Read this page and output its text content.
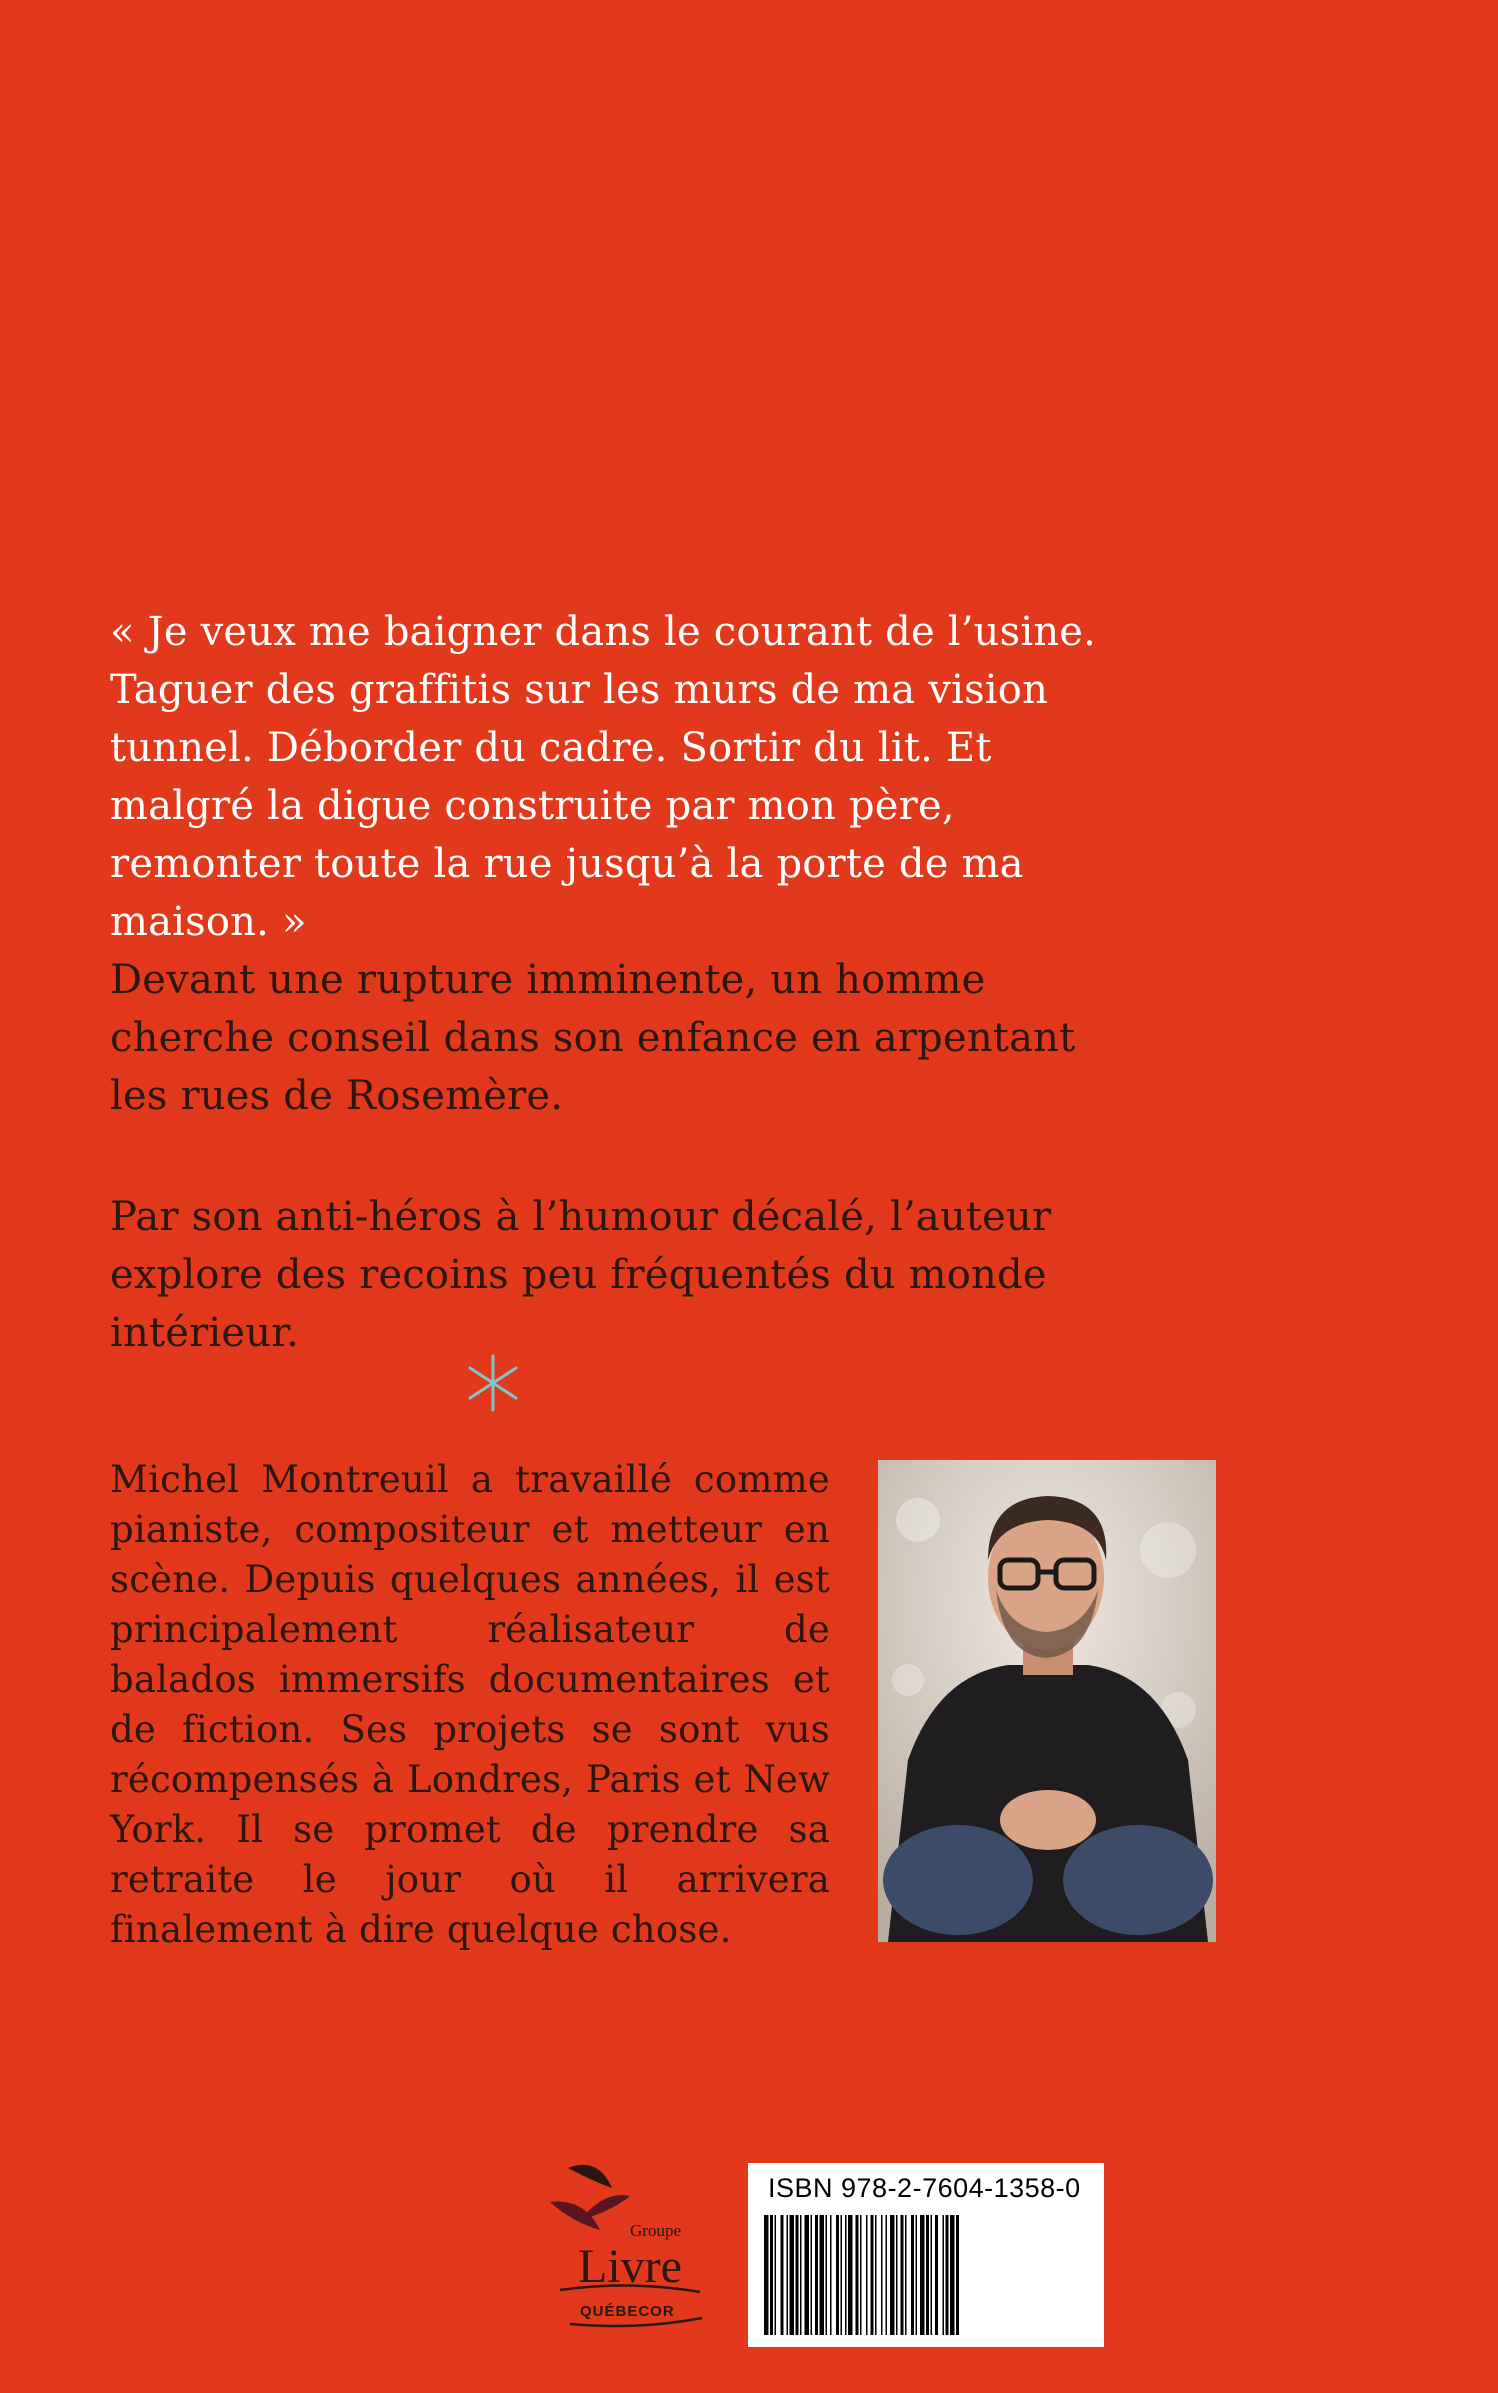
« Je veux me baigner dans le courant de l’usine. Taguer des graffitis sur les murs de ma vision tunnel. Déborder du cadre. Sortir du lit. Et malgré la digue construite par mon père, remonter toute la rue jusqu’à la porte de ma maison. »

Devant une rupture imminente, un homme cherche conseil dans son enfance en arpentant les rues de Rosemère.

Par son anti-héros à l’humour décalé, l’auteur explore des recoins peu fréquentés du monde intérieur.

Michel Montreuil a travaillé comme pianiste, compositeur et metteur en scène. Depuis quelques années, il est principalement réalisateur de balados immersifs documentaires et de fiction. Ses projets se sont vus récompensés à Londres, Paris et New York. Il se promet de prendre sa retraite le jour où il arrivera finalement à dire quelque chose.

Groupe
Livre
QUÉBECOR
ISBN 978-2-7604-1358-0
